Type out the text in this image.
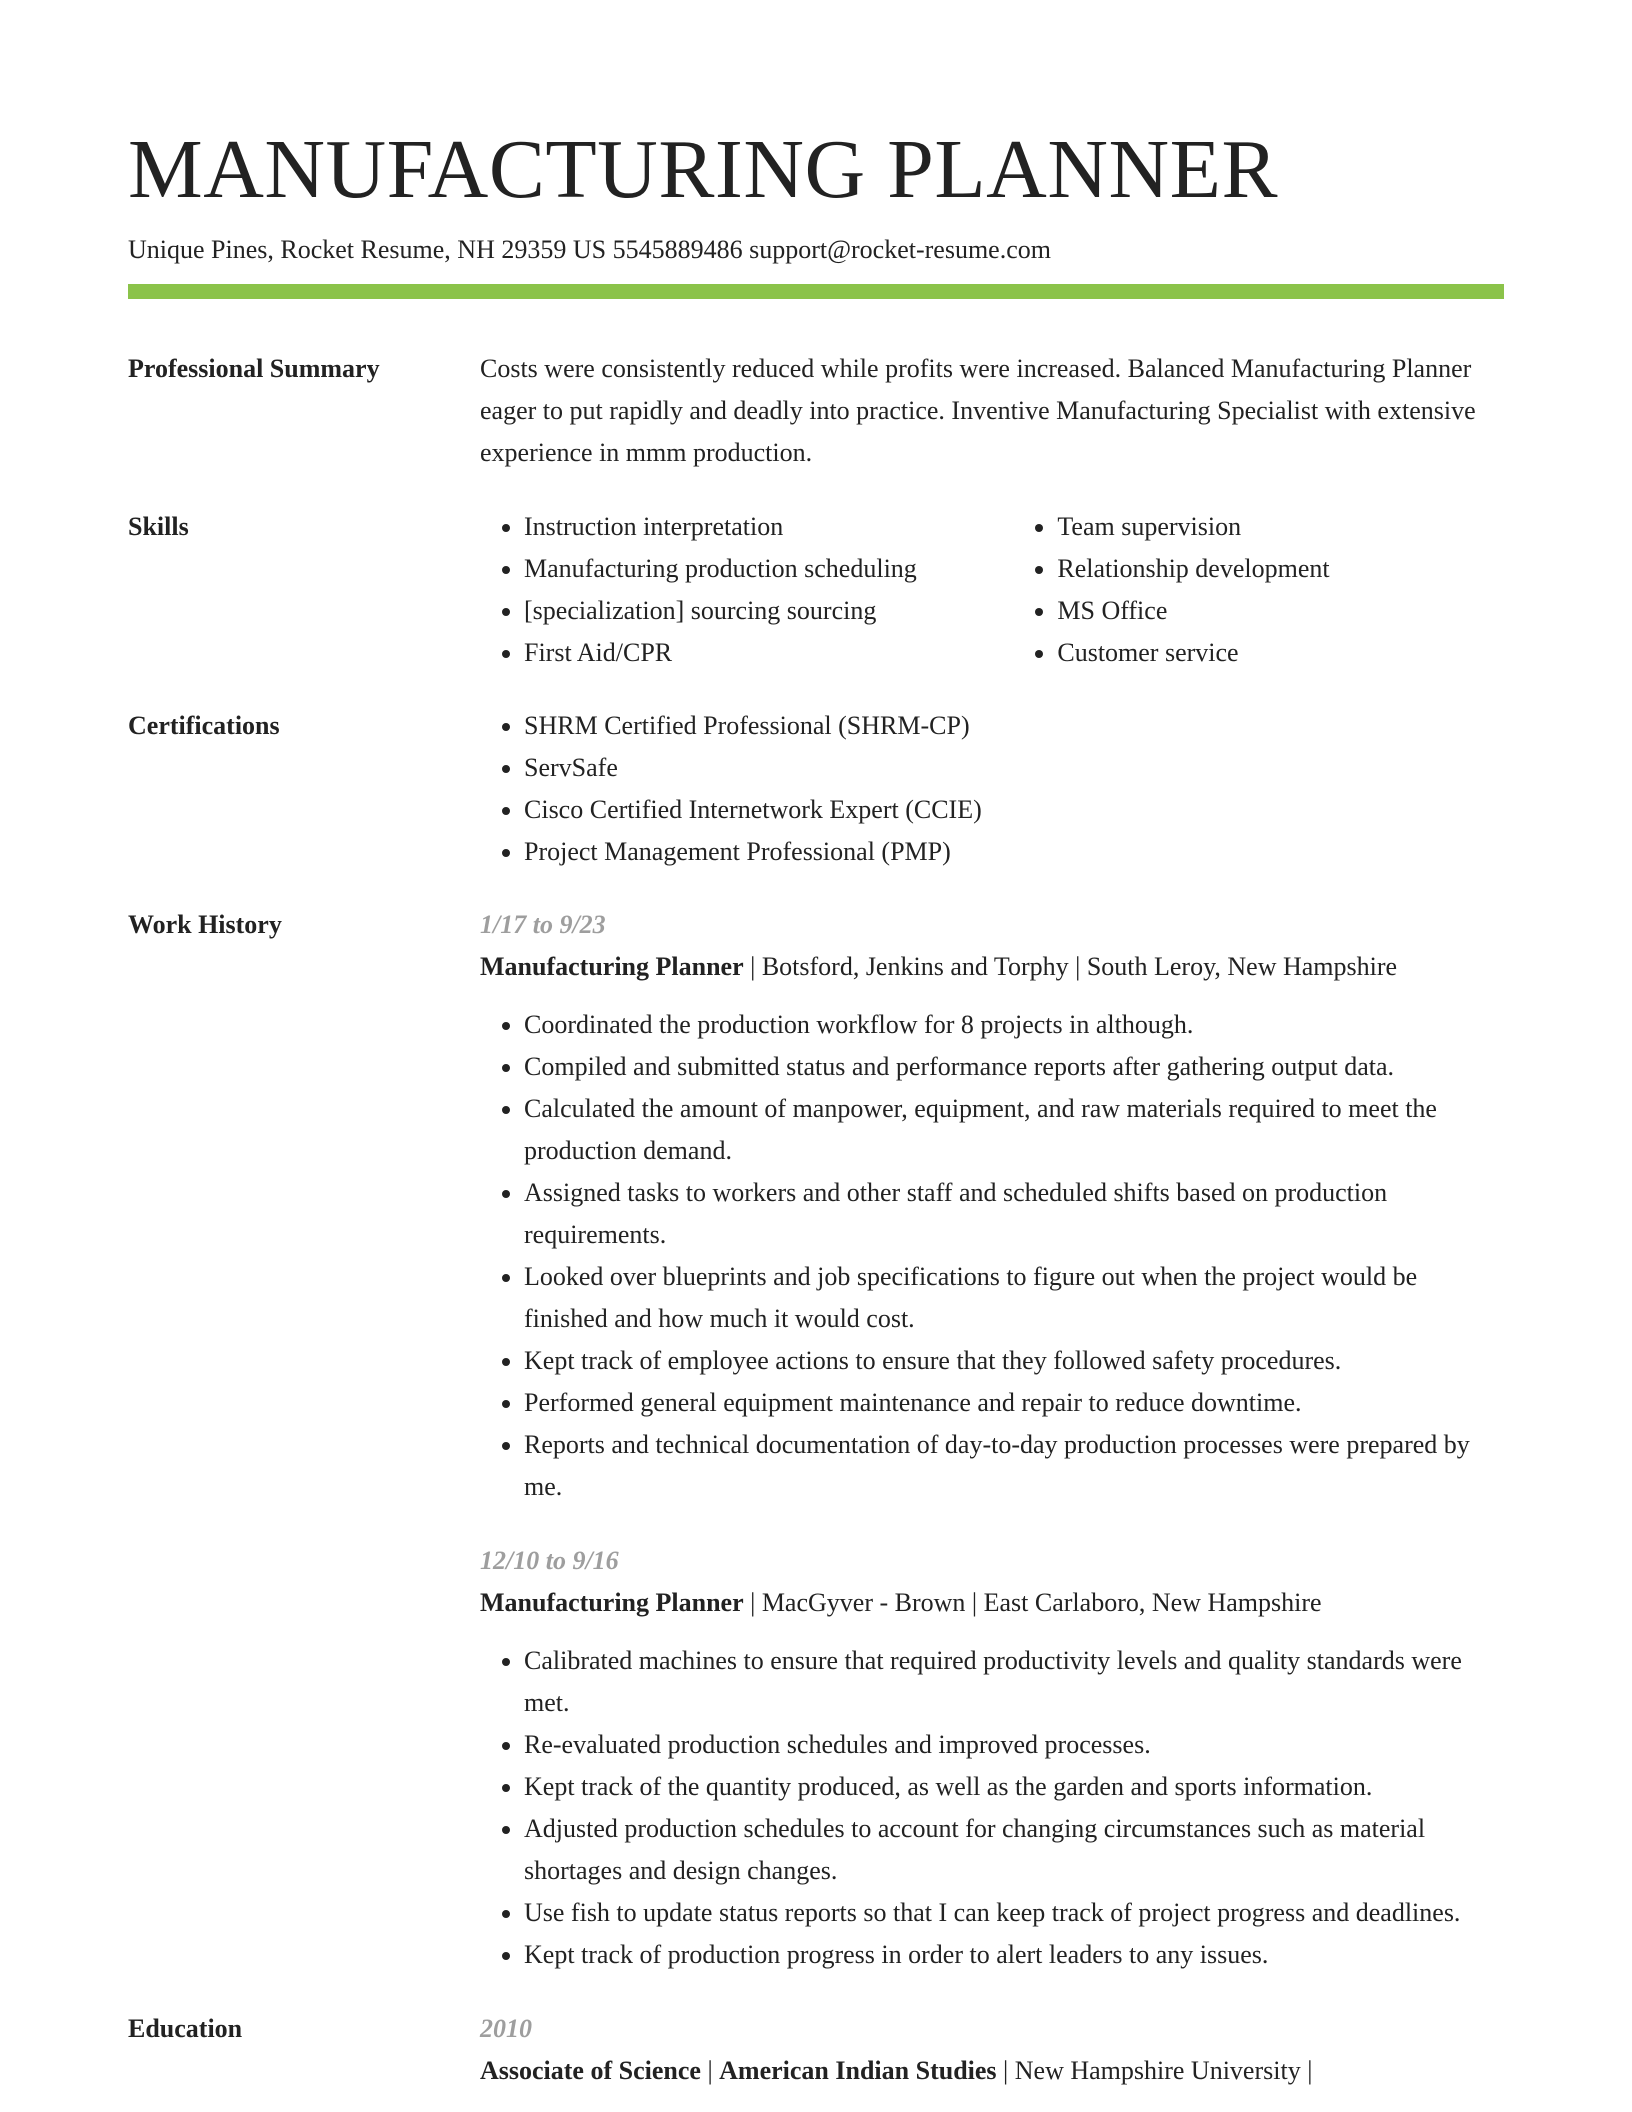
MANUFACTURING PLANNER
Unique Pines, Rocket Resume, NH 29359 US 5545889486 support@rocket-resume.com
Professional Summary	Costs were consistently reduced while profits were increased. Balanced Manufacturing Planner eager to put rapidly and deadly into practice. Inventive Manufacturing Specialist with extensive experience in mmm production.
Skills	• Instruction interpretation
• Manufacturing production scheduling
• [specialization] sourcing sourcing
• First Aid/CPR
• Team supervision
• Relationship development
• MS Office
• Customer service
Certifications	• SHRM Certified Professional (SHRM-CP)
• ServSafe
• Cisco Certified Internetwork Expert (CCIE)
• Project Management Professional (PMP)
Work History	1/17 to 9/23
Manufacturing Planner | Botsford, Jenkins and Torphy | South Leroy, New Hampshire
• Coordinated the production workflow for 8 projects in although.
• Compiled and submitted status and performance reports after gathering output data.
• Calculated the amount of manpower, equipment, and raw materials required to meet the production demand.
• Assigned tasks to workers and other staff and scheduled shifts based on production requirements.
• Looked over blueprints and job specifications to figure out when the project would be finished and how much it would cost.
• Kept track of employee actions to ensure that they followed safety procedures.
• Performed general equipment maintenance and repair to reduce downtime.
• Reports and technical documentation of day-to-day production processes were prepared by me.
12/10 to 9/16
Manufacturing Planner | MacGyver - Brown | East Carlaboro, New Hampshire
• Calibrated machines to ensure that required productivity levels and quality standards were met.
• Re-evaluated production schedules and improved processes.
• Kept track of the quantity produced, as well as the garden and sports information.
• Adjusted production schedules to account for changing circumstances such as material shortages and design changes.
• Use fish to update status reports so that I can keep track of project progress and deadlines.
• Kept track of production progress in order to alert leaders to any issues.
Education	2010
Associate of Science | American Indian Studies | New Hampshire University |
